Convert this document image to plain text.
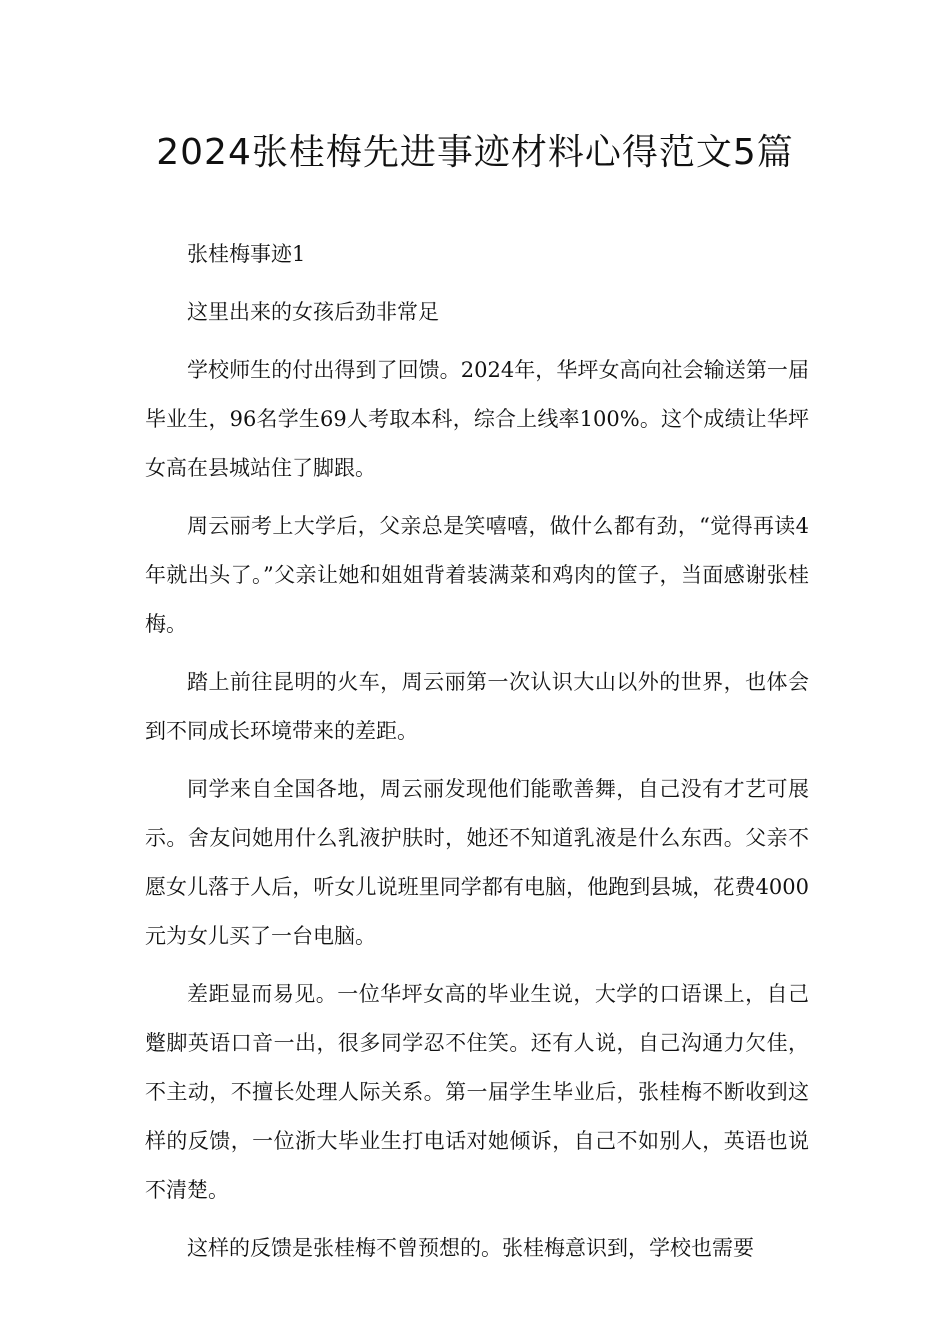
2024张桂梅先进事迹材料心得范文5篇

张桂梅事迹1

这里出来的女孩后劲非常足

学校师生的付出得到了回馈。2024年，华坪女高向社会输送第一届毕业生，96名学生69人考取本科，综合上线率100%。这个成绩让华坪女高在县城站住了脚跟。

周云丽考上大学后，父亲总是笑嘻嘻，做什么都有劲，“觉得再读4年就出头了。”父亲让她和姐姐背着装满菜和鸡肉的筐子，当面感谢张桂梅。

踏上前往昆明的火车，周云丽第一次认识大山以外的世界，也体会到不同成长环境带来的差距。

同学来自全国各地，周云丽发现他们能歌善舞，自己没有才艺可展示。舍友问她用什么乳液护肤时，她还不知道乳液是什么东西。父亲不愿女儿落于人后，听女儿说班里同学都有电脑，他跑到县城，花费4000元为女儿买了一台电脑。

差距显而易见。一位华坪女高的毕业生说，大学的口语课上，自己蹩脚英语口音一出，很多同学忍不住笑。还有人说，自己沟通力欠佳，不主动，不擅长处理人际关系。第一届学生毕业后，张桂梅不断收到这样的反馈，一位浙大毕业生打电话对她倾诉，自己不如别人，英语也说不清楚。

这样的反馈是张桂梅不曾预想的。张桂梅意识到，学校也需要
